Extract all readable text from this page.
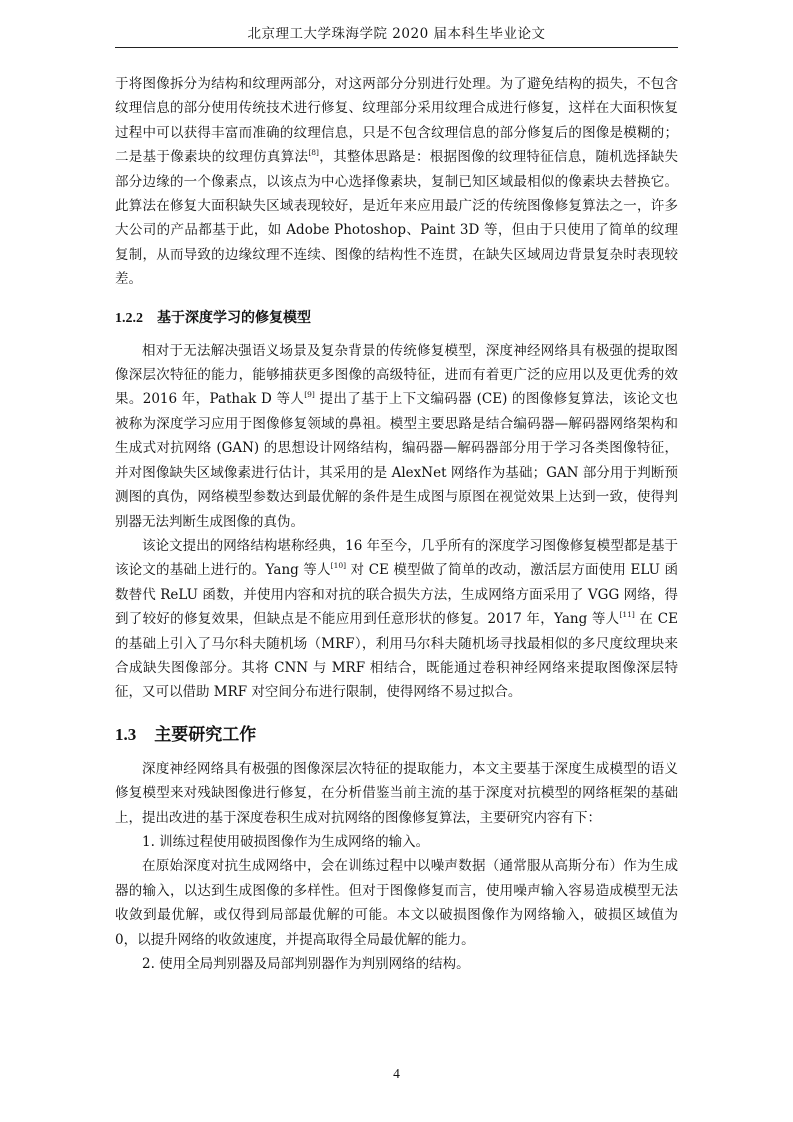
北京理工大学珠海学院 2020 届本科生毕业论文

于将图像拆分为结构和纹理两部分，对这两部分分别进行处理。为了避免结构的损失，不包含纹理信息的部分使用传统技术进行修复、纹理部分采用纹理合成进行修复，这样在大面积恢复过程中可以获得丰富而准确的纹理信息，只是不包含纹理信息的部分修复后的图像是模糊的；二是基于像素块的纹理仿真算法[8]，其整体思路是：根据图像的纹理特征信息，随机选择缺失部分边缘的一个像素点，以该点为中心选择像素块，复制已知区域最相似的像素块去替换它。此算法在修复大面积缺失区域表现较好，是近年来应用最广泛的传统图像修复算法之一，许多大公司的产品都基于此，如 Adobe Photoshop、Paint 3D 等，但由于只使用了简单的纹理复制，从而导致的边缘纹理不连续、图像的结构性不连贯，在缺失区域周边背景复杂时表现较差。

1.2.2 基于深度学习的修复模型

相对于无法解决强语义场景及复杂背景的传统修复模型，深度神经网络具有极强的提取图像深层次特征的能力，能够捕获更多图像的高级特征，进而有着更广泛的应用以及更优秀的效果。2016 年，Pathak D 等人[9] 提出了基于上下文编码器 (CE) 的图像修复算法，该论文也被称为深度学习应用于图像修复领域的鼻祖。模型主要思路是结合编码器—解码器网络架构和生成式对抗网络 (GAN) 的思想设计网络结构，编码器—解码器部分用于学习各类图像特征，并对图像缺失区域像素进行估计，其采用的是 AlexNet 网络作为基础；GAN 部分用于判断预测图的真伪，网络模型参数达到最优解的条件是生成图与原图在视觉效果上达到一致，使得判别器无法判断生成图像的真伪。

该论文提出的网络结构堪称经典，16 年至今，几乎所有的深度学习图像修复模型都是基于该论文的基础上进行的。Yang 等人[10] 对 CE 模型做了简单的改动，激活层方面使用 ELU 函数替代 ReLU 函数，并使用内容和对抗的联合损失方法，生成网络方面采用了 VGG 网络，得到了较好的修复效果，但缺点是不能应用到任意形状的修复。2017 年，Yang 等人[11] 在 CE 的基础上引入了马尔科夫随机场（MRF），利用马尔科夫随机场寻找最相似的多尺度纹理块来合成缺失图像部分。其将 CNN 与 MRF 相结合，既能通过卷积神经网络来提取图像深层特征，又可以借助 MRF 对空间分布进行限制，使得网络不易过拟合。

1.3 主要研究工作

深度神经网络具有极强的图像深层次特征的提取能力，本文主要基于深度生成模型的语义修复模型来对残缺图像进行修复，在分析借鉴当前主流的基于深度对抗模型的网络框架的基础上，提出改进的基于深度卷积生成对抗网络的图像修复算法，主要研究内容有下：

1. 训练过程使用破损图像作为生成网络的输入。

在原始深度对抗生成网络中，会在训练过程中以噪声数据（通常服从高斯分布）作为生成器的输入，以达到生成图像的多样性。但对于图像修复而言，使用噪声输入容易造成模型无法收敛到最优解，或仅得到局部最优解的可能。本文以破损图像作为网络输入，破损区域值为 0，以提升网络的收敛速度，并提高取得全局最优解的能力。

2. 使用全局判别器及局部判别器作为判别网络的结构。

4
